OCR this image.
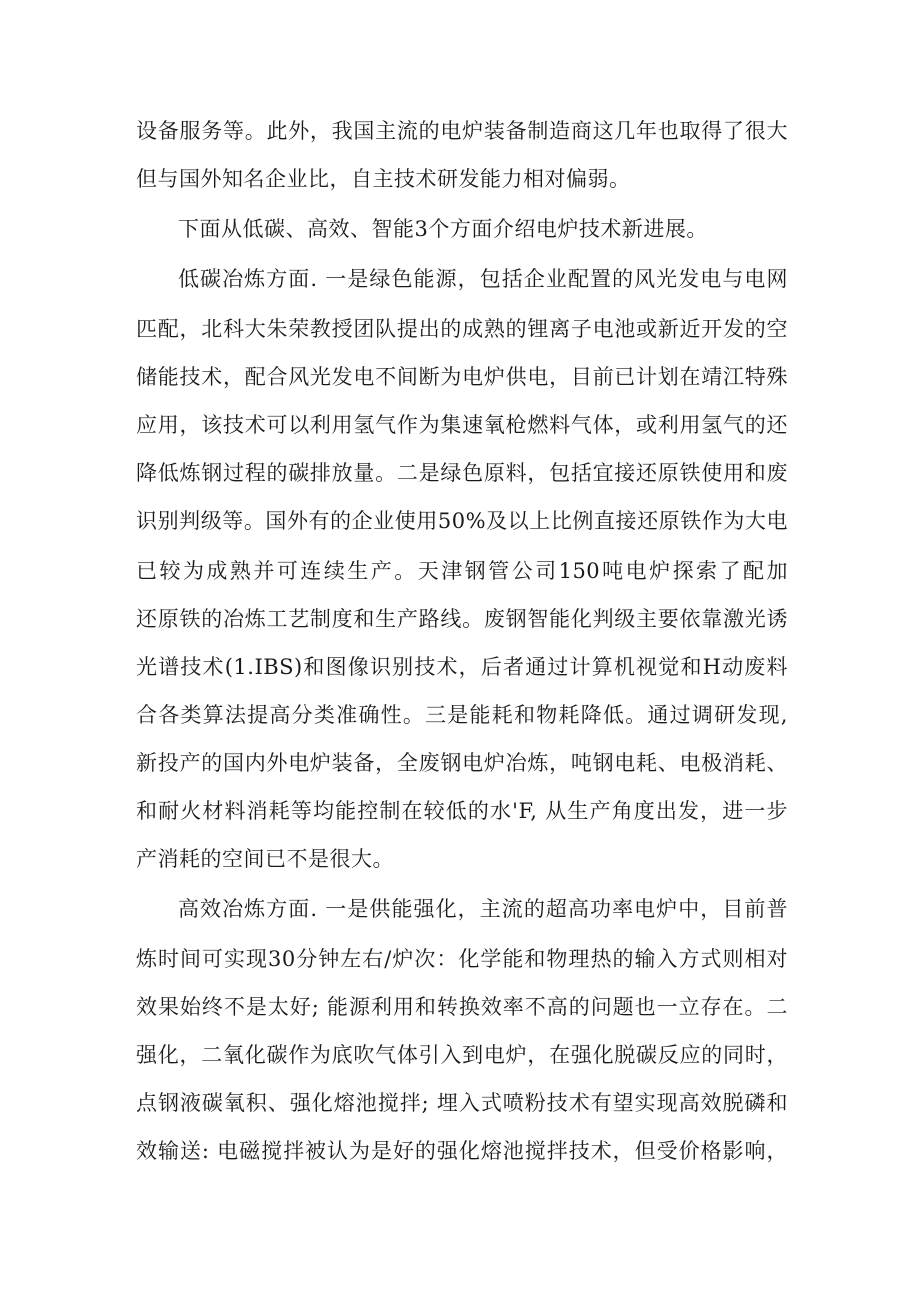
设备服务等。此外，我国主流的电炉装备制造商这几年也取得了很大
但与国外知名企业比，自主技术研发能力相对偏弱。
下面从低碳、高效、智能3个方面介绍电炉技术新进展。
低碳冶炼方面. 一是绿色能源，包括企业配置的风光发电与电网
匹配，北科大朱荣教授团队提出的成熟的锂离子电池或新近开发的空
储能技术，配合风光发电不间断为电炉供电，目前已计划在靖江特殊
应用，该技术可以利用氢气作为集速氧枪燃料气体，或利用氢气的还
降低炼钢过程的碳排放量。二是绿色原料，包括宜接还原铁使用和废
识别判级等。国外有的企业使用50%及以上比例直接还原铁作为大电
已较为成熟并可连续生产。天津钢管公司150吨电炉探索了配加
还原铁的冶炼工艺制度和生产路线。废钢智能化判级主要依靠激光诱
光谱技术(1.IBS)和图像识别技术，后者通过计算机视觉和H动废料
合各类算法提高分类准确性。三是能耗和物耗降低。通过调研发现,
新投产的国内外电炉装备，全废钢电炉冶炼，吨钢电耗、电极消耗、
和耐火材料消耗等均能控制在较低的水'F, 从生产角度出发，进一步
产消耗的空间已不是很大。
高效冶炼方面. 一是供能强化，主流的超高功率电炉中，目前普
炼时间可实现30分钟左右/炉次：化学能和物理热的输入方式则相对
效果始终不是太好; 能源利用和转换效率不高的问题也一立存在。二
强化，二氧化碳作为底吹气体引入到电炉，在强化脱碳反应的同时，
点钢液碳氧积、强化熔池搅拌; 埋入式喷粉技术有望实现高效脱磷和
效输送: 电磁搅拌被认为是好的强化熔池搅拌技术，但受价格影响，
